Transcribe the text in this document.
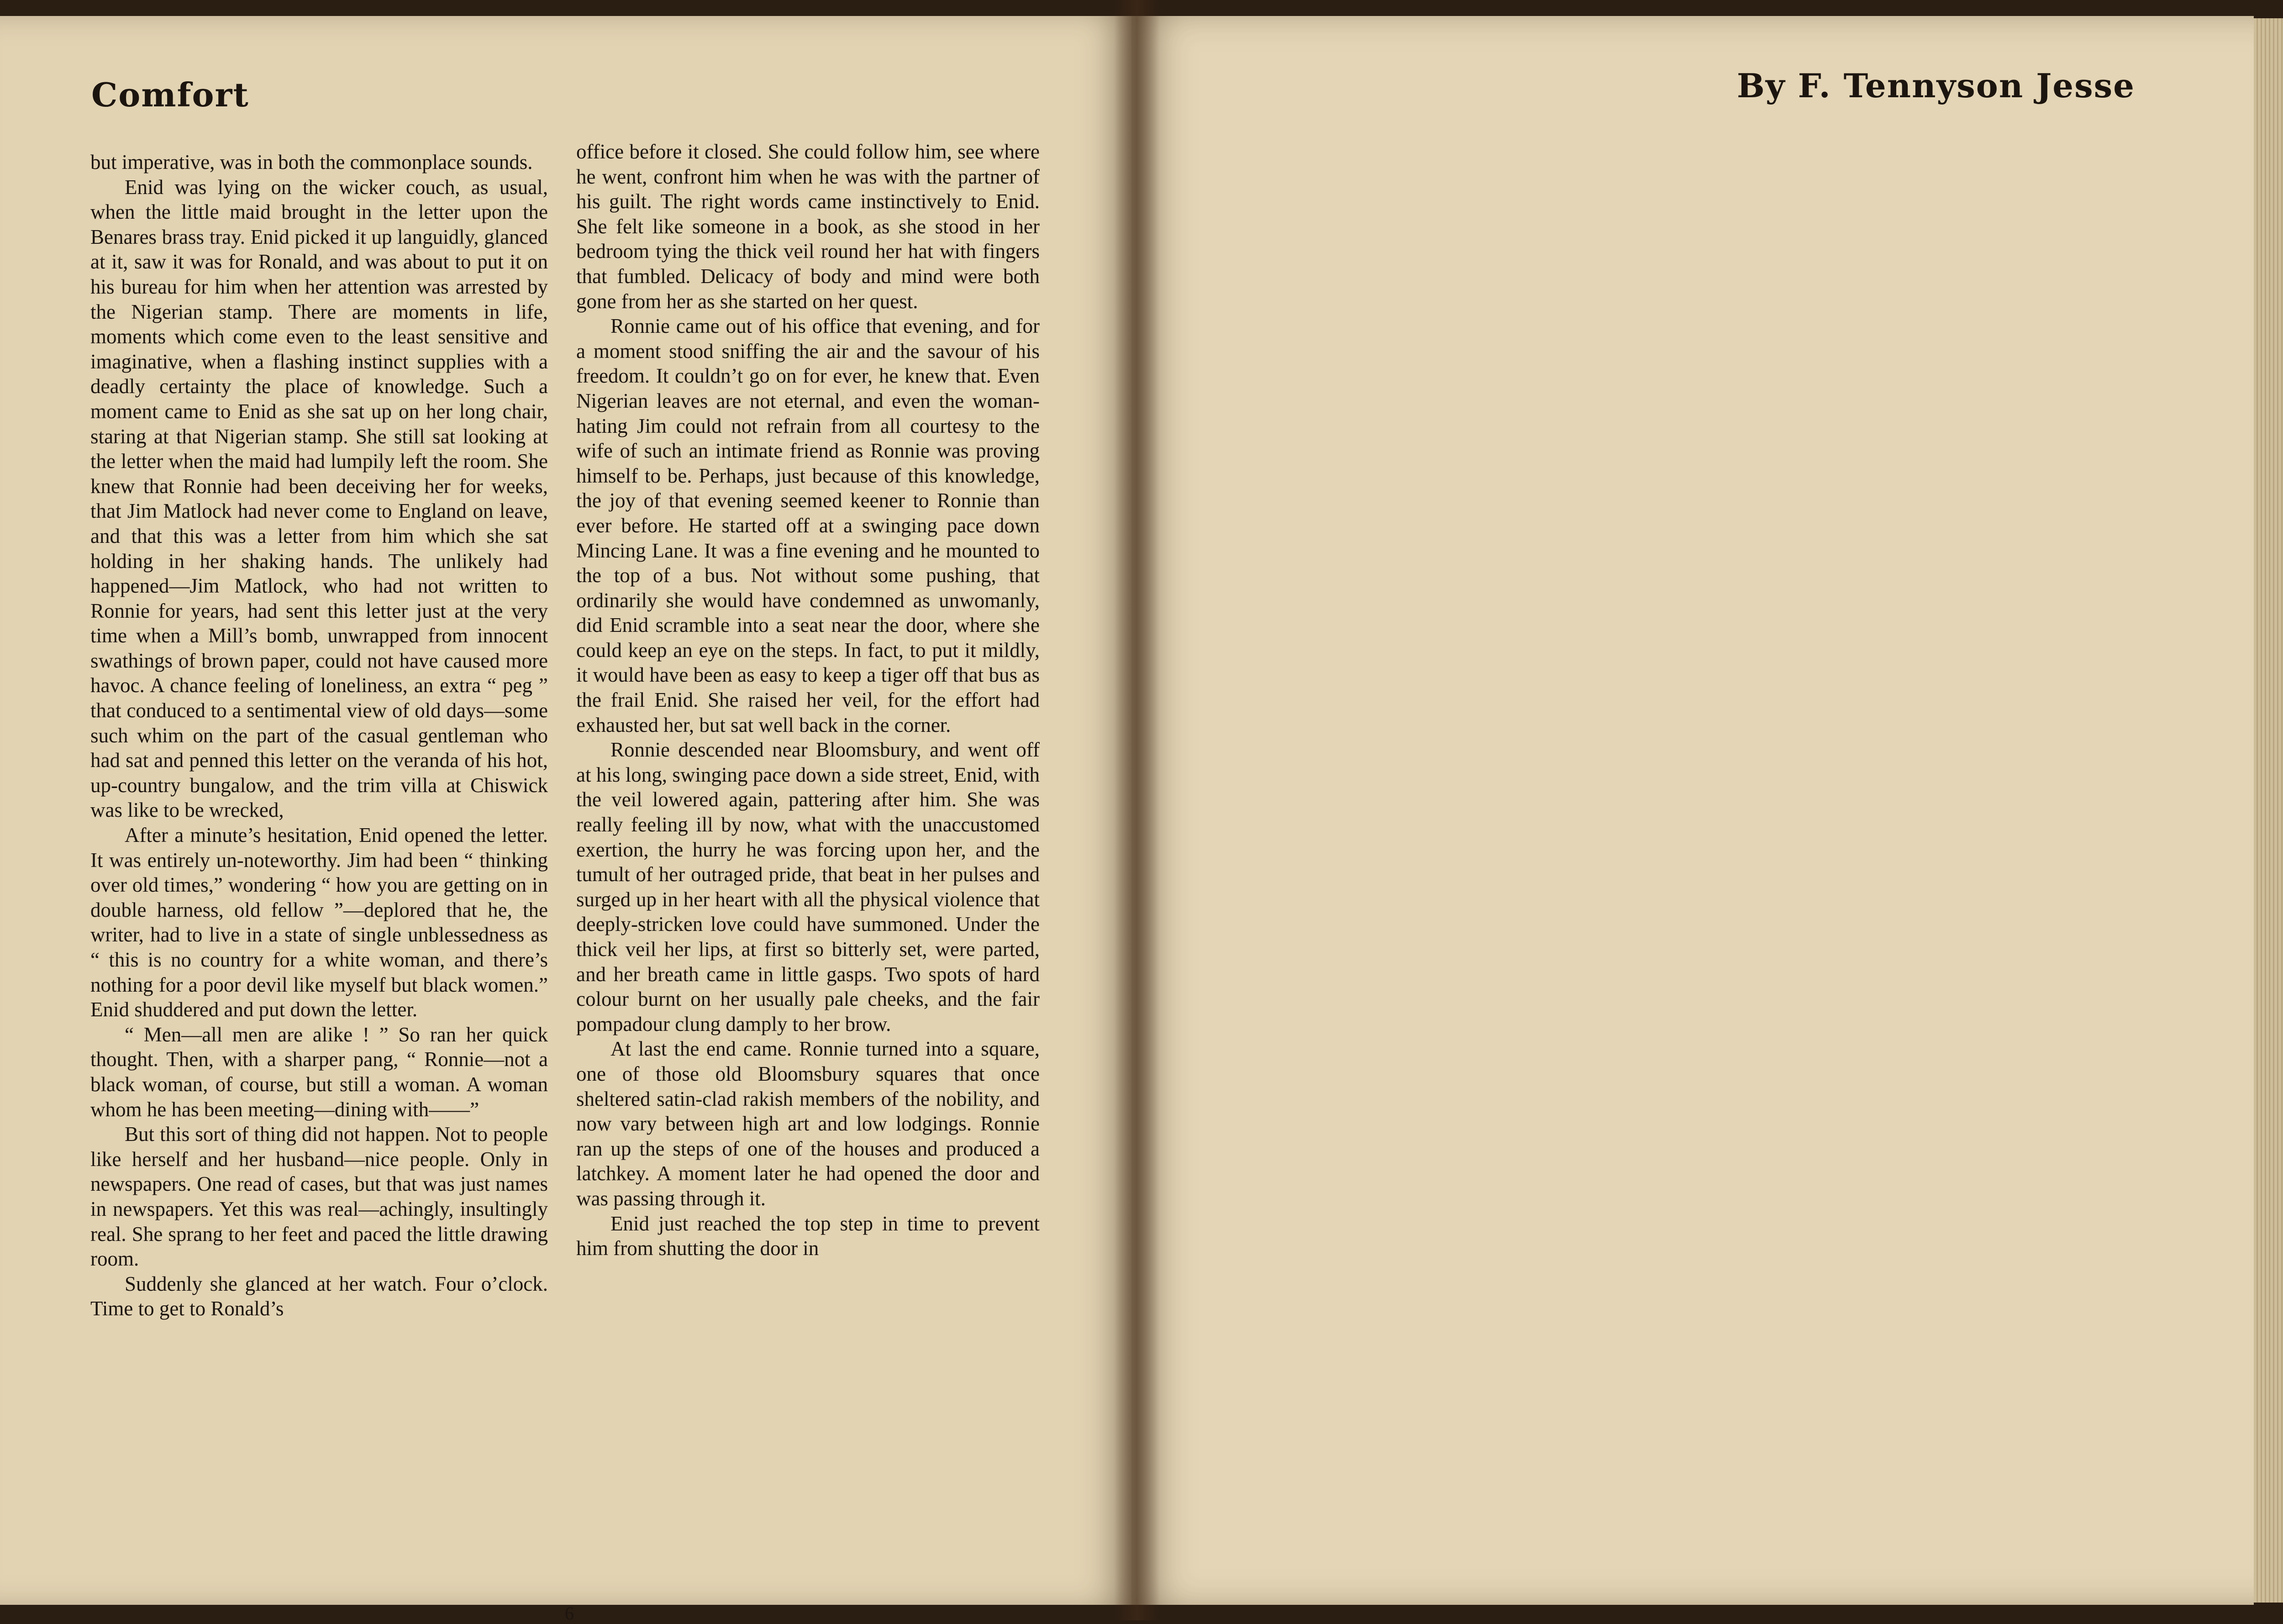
Comfort

but imperative, was in both the commonplace sounds.

Enid was lying on the wicker couch, as usual, when the little maid brought in the letter upon the Benares brass tray. Enid picked it up languidly, glanced at it, saw it was for Ronald, and was about to put it on his bureau for him when her attention was arrested by the Nigerian stamp. There are moments in life, moments which come even to the least sensitive and imaginative, when a flashing instinct supplies with a deadly certainty the place of knowledge. Such a moment came to Enid as she sat up on her long chair, staring at that Nigerian stamp. She still sat looking at the letter when the maid had lumpily left the room. She knew that Ronnie had been deceiving her for weeks, that Jim Matlock had never come to England on leave, and that this was a letter from him which she sat holding in her shaking hands. The unlikely had happened—Jim Matlock, who had not written to Ronnie for years, had sent this letter just at the very time when a Mill’s bomb, unwrapped from innocent swathings of brown paper, could not have caused more havoc. A chance feeling of loneliness, an extra “ peg ” that conduced to a sentimental view of old days—some such whim on the part of the casual gentleman who had sat and penned this letter on the veranda of his hot, up-country bungalow, and the trim villa at Chiswick was like to be wrecked,

After a minute’s hesitation, Enid opened the letter. It was entirely un-noteworthy. Jim had been “ thinking over old times,” wondering “ how you are getting on in double harness, old fellow ”—deplored that he, the writer, had to live in a state of single unblessedness as “ this is no country for a white woman, and there’s nothing for a poor devil like myself but black women.” Enid shuddered and put down the letter.

“ Men—all men are alike ! ” So ran her quick thought. Then, with a sharper pang, “ Ronnie—not a black woman, of course, but still a woman. A woman whom he has been meeting—dining with——”

But this sort of thing did not happen. Not to people like herself and her husband—nice people. Only in newspapers. One read of cases, but that was just names in newspapers. Yet this was real—achingly, insultingly real. She sprang to her feet and paced the little drawing room.

Suddenly she glanced at her watch. Four o’clock. Time to get to Ronald’s

office before it closed. She could follow him, see where he went, confront him when he was with the partner of his guilt. The right words came instinctively to Enid. She felt like someone in a book, as she stood in her bedroom tying the thick veil round her hat with fingers that fumbled. Delicacy of body and mind were both gone from her as she started on her quest.

Ronnie came out of his office that evening, and for a moment stood sniffing the air and the savour of his freedom. It couldn’t go on for ever, he knew that. Even Nigerian leaves are not eternal, and even the woman-hating Jim could not refrain from all courtesy to the wife of such an intimate friend as Ronnie was proving himself to be. Perhaps, just because of this knowledge, the joy of that evening seemed keener to Ronnie than ever before. He started off at a swinging pace down Mincing Lane. It was a fine evening and he mounted to the top of a bus. Not without some pushing, that ordinarily she would have condemned as unwomanly, did Enid scramble into a seat near the door, where she could keep an eye on the steps. In fact, to put it mildly, it would have been as easy to keep a tiger off that bus as the frail Enid. She raised her veil, for the effort had exhausted her, but sat well back in the corner.

Ronnie descended near Bloomsbury, and went off at his long, swinging pace down a side street, Enid, with the veil lowered again, pattering after him. She was really feeling ill by now, what with the unaccustomed exertion, the hurry he was forcing upon her, and the tumult of her outraged pride, that beat in her pulses and surged up in her heart with all the physical violence that deeply-stricken love could have summoned. Under the thick veil her lips, at first so bitterly set, were parted, and her breath came in little gasps. Two spots of hard colour burnt on her usually pale cheeks, and the fair pompadour clung damply to her brow.

At last the end came. Ronnie turned into a square, one of those old Bloomsbury squares that once sheltered satin-clad rakish members of the nobility, and now vary between high art and low lodgings. Ronnie ran up the steps of one of the houses and produced a latchkey. A moment later he had opened the door and was passing through it.

Enid just reached the top step in time to prevent him from shutting the door in

6
By F. Tennyson Jesse
